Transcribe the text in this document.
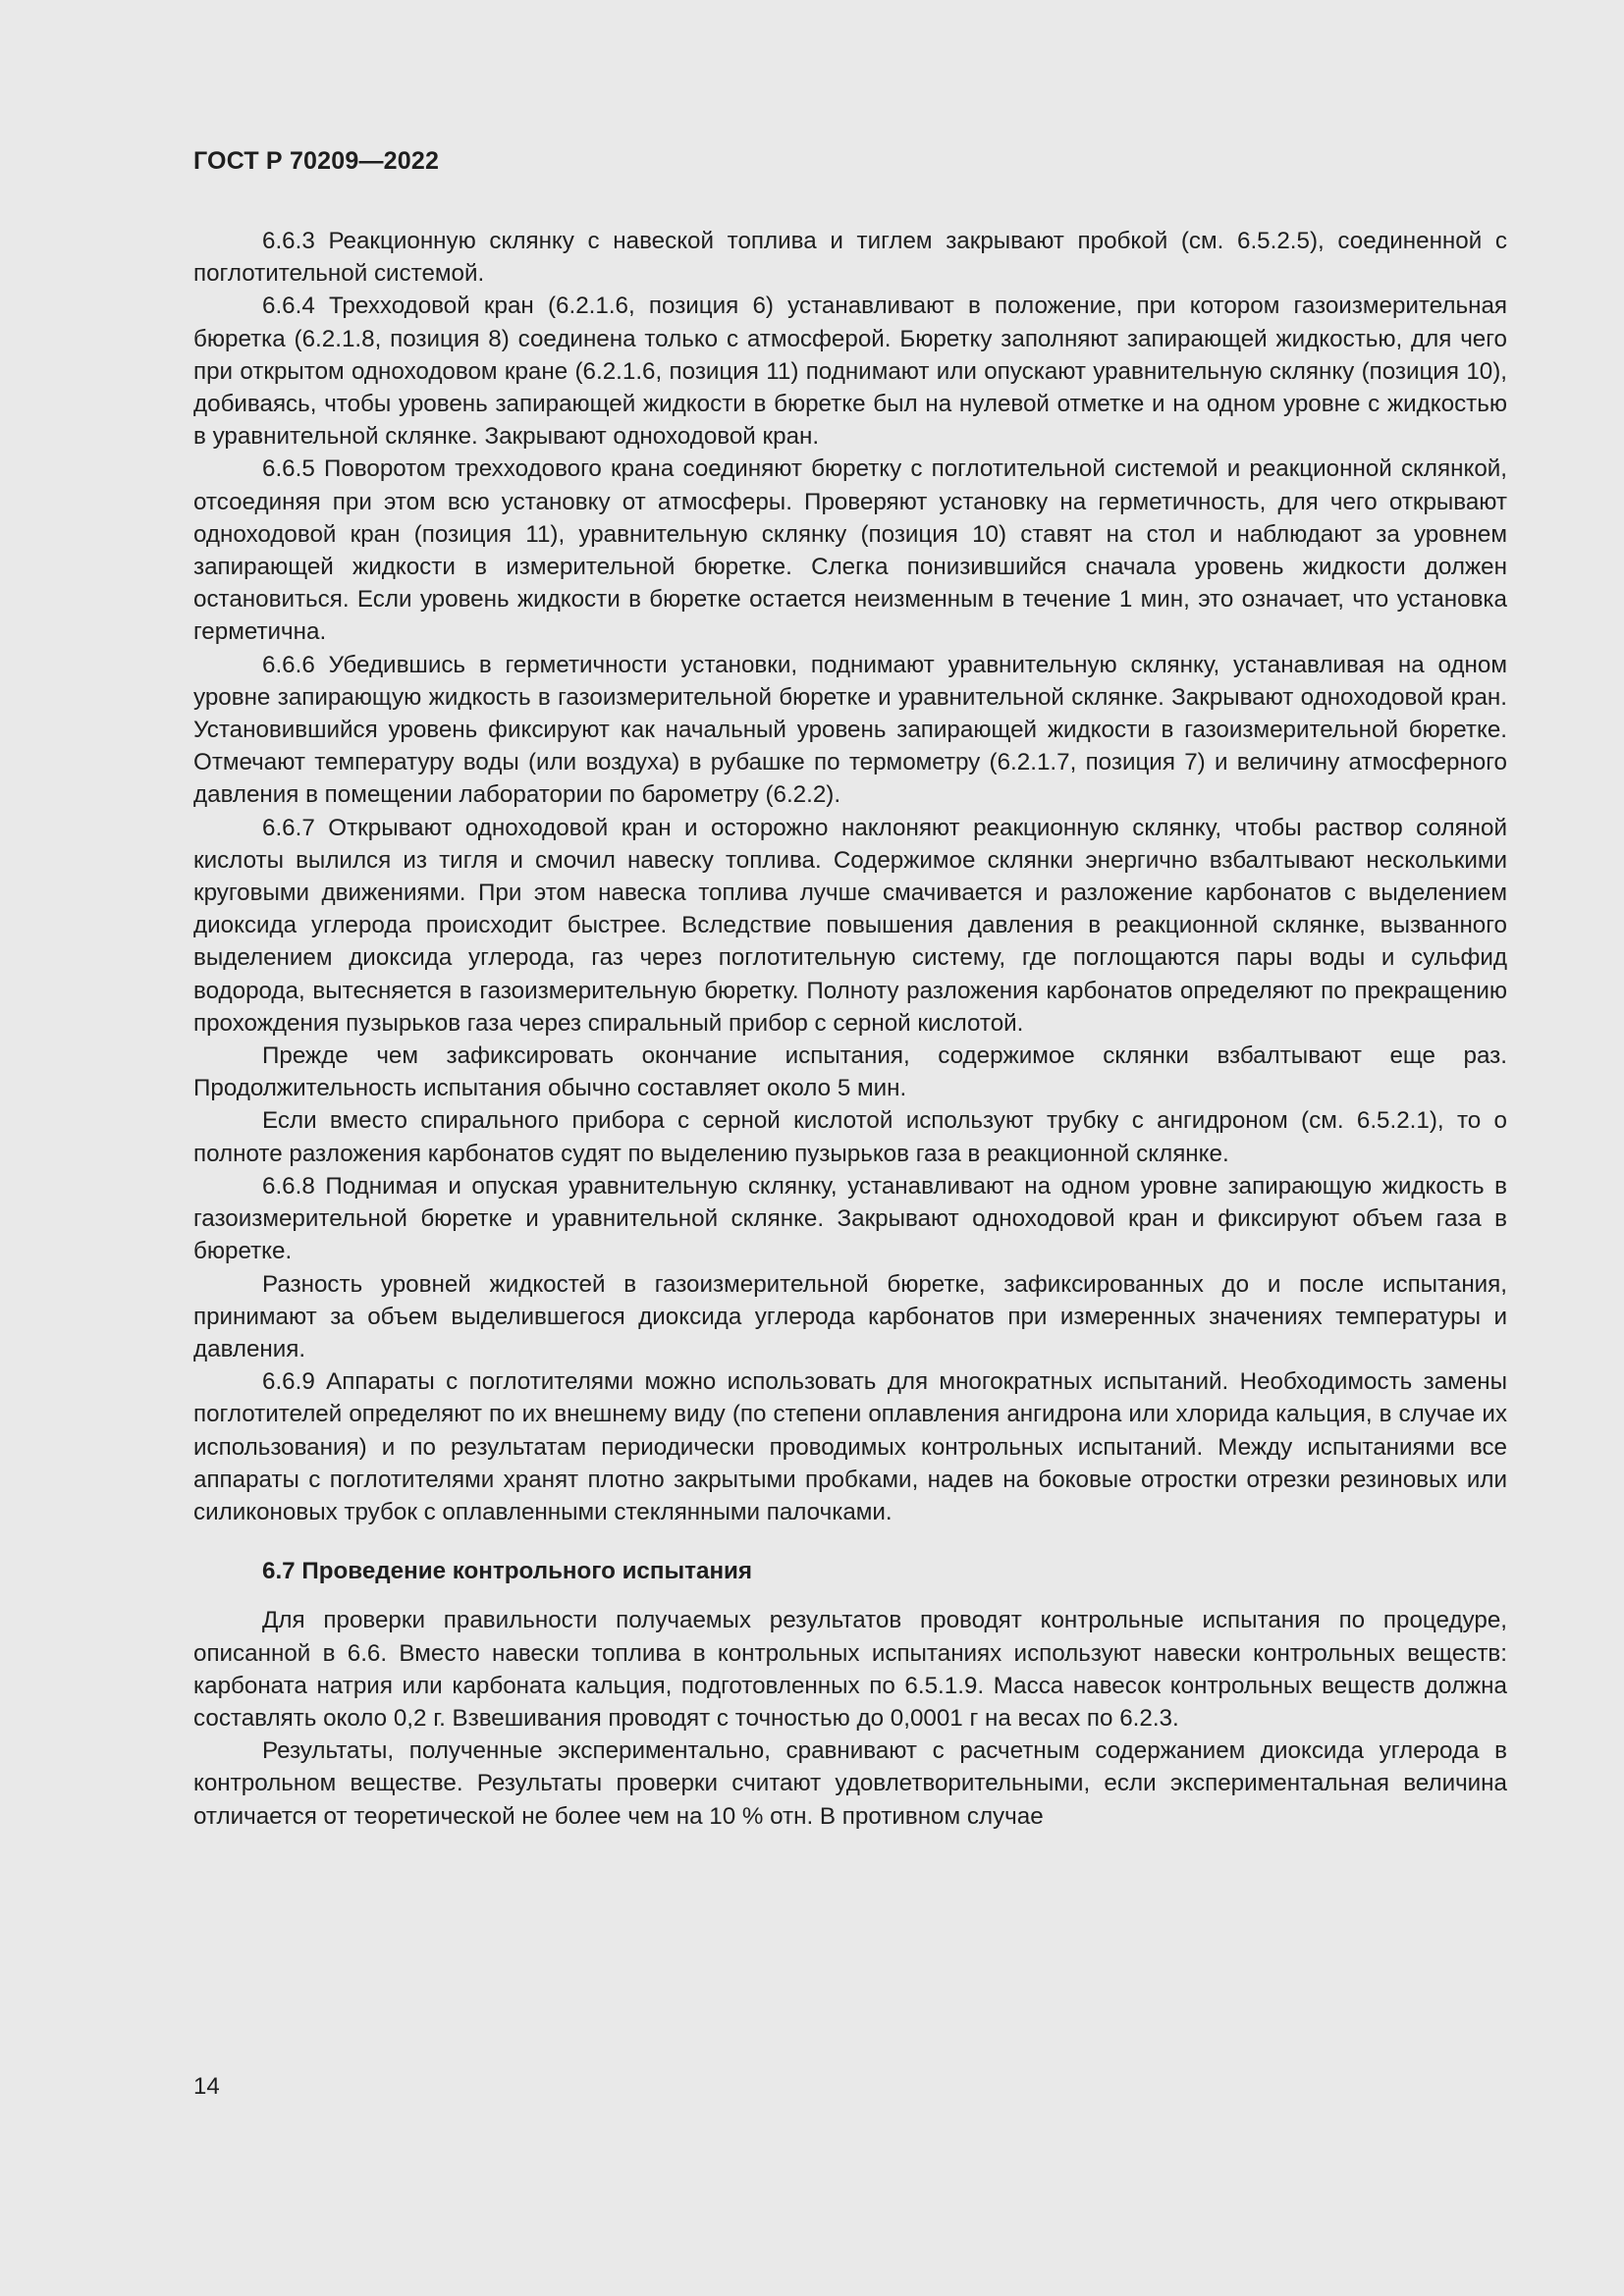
ГОСТ Р 70209—2022

6.6.3 Реакционную склянку с навеской топлива и тиглем закрывают пробкой (см. 6.5.2.5), соединенной с поглотительной системой.

6.6.4 Трехходовой кран (6.2.1.6, позиция 6) устанавливают в положение, при котором газоизмерительная бюретка (6.2.1.8, позиция 8) соединена только с атмосферой. Бюретку заполняют запирающей жидкостью, для чего при открытом одноходовом кране (6.2.1.6, позиция 11) поднимают или опускают уравнительную склянку (позиция 10), добиваясь, чтобы уровень запирающей жидкости в бюретке был на нулевой отметке и на одном уровне с жидкостью в уравнительной склянке. Закрывают одноходовой кран.

6.6.5 Поворотом трехходового крана соединяют бюретку с поглотительной системой и реакционной склянкой, отсоединяя при этом всю установку от атмосферы. Проверяют установку на герметичность, для чего открывают одноходовой кран (позиция 11), уравнительную склянку (позиция 10) ставят на стол и наблюдают за уровнем запирающей жидкости в измерительной бюретке. Слегка понизившийся сначала уровень жидкости должен остановиться. Если уровень жидкости в бюретке остается неизменным в течение 1 мин, это означает, что установка герметична.

6.6.6 Убедившись в герметичности установки, поднимают уравнительную склянку, устанавливая на одном уровне запирающую жидкость в газоизмерительной бюретке и уравнительной склянке. Закрывают одноходовой кран. Установившийся уровень фиксируют как начальный уровень запирающей жидкости в газоизмерительной бюретке. Отмечают температуру воды (или воздуха) в рубашке по термометру (6.2.1.7, позиция 7) и величину атмосферного давления в помещении лаборатории по барометру (6.2.2).

6.6.7 Открывают одноходовой кран и осторожно наклоняют реакционную склянку, чтобы раствор соляной кислоты вылился из тигля и смочил навеску топлива. Содержимое склянки энергично взбалтывают несколькими круговыми движениями. При этом навеска топлива лучше смачивается и разложение карбонатов с выделением диоксида углерода происходит быстрее. Вследствие повышения давления в реакционной склянке, вызванного выделением диоксида углерода, газ через поглотительную систему, где поглощаются пары воды и сульфид водорода, вытесняется в газоизмерительную бюретку. Полноту разложения карбонатов определяют по прекращению прохождения пузырьков газа через спиральный прибор с серной кислотой.

Прежде чем зафиксировать окончание испытания, содержимое склянки взбалтывают еще раз. Продолжительность испытания обычно составляет около 5 мин.

Если вместо спирального прибора с серной кислотой используют трубку с ангидроном (см. 6.5.2.1), то о полноте разложения карбонатов судят по выделению пузырьков газа в реакционной склянке.

6.6.8 Поднимая и опуская уравнительную склянку, устанавливают на одном уровне запирающую жидкость в газоизмерительной бюретке и уравнительной склянке. Закрывают одноходовой кран и фиксируют объем газа в бюретке.

Разность уровней жидкостей в газоизмерительной бюретке, зафиксированных до и после испытания, принимают за объем выделившегося диоксида углерода карбонатов при измеренных значениях температуры и давления.

6.6.9 Аппараты с поглотителями можно использовать для многократных испытаний. Необходимость замены поглотителей определяют по их внешнему виду (по степени оплавления ангидрона или хлорида кальция, в случае их использования) и по результатам периодически проводимых контрольных испытаний. Между испытаниями все аппараты с поглотителями хранят плотно закрытыми пробками, надев на боковые отростки отрезки резиновых или силиконовых трубок с оплавленными стеклянными палочками.

6.7 Проведение контрольного испытания

Для проверки правильности получаемых результатов проводят контрольные испытания по процедуре, описанной в 6.6. Вместо навески топлива в контрольных испытаниях используют навески контрольных веществ: карбоната натрия или карбоната кальция, подготовленных по 6.5.1.9. Масса навесок контрольных веществ должна составлять около 0,2 г. Взвешивания проводят с точностью до 0,0001 г на весах по 6.2.3.

Результаты, полученные экспериментально, сравнивают с расчетным содержанием диоксида углерода в контрольном веществе. Результаты проверки считают удовлетворительными, если экспериментальная величина отличается от теоретической не более чем на 10 % отн. В противном случае

14
